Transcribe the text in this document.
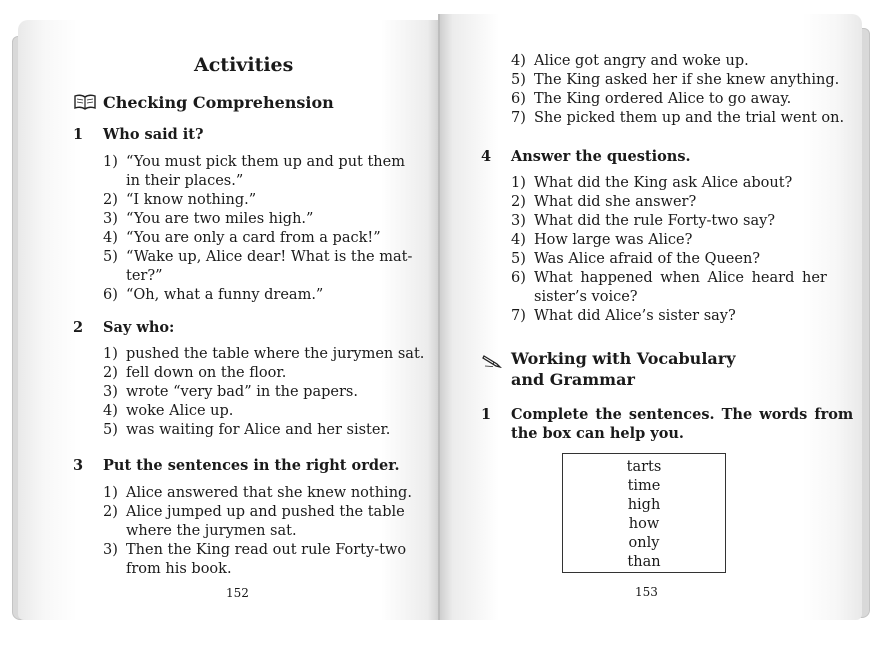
Activities
Checking Comprehension
1 Who said it?
1) “You must pick them up and put them
in their places.”
2) “I know nothing.”
3) “You are two miles high.”
4) “You are only a card from a pack!”
5) “Wake up, Alice dear! What is the mat-
ter?”
6) “Oh, what a funny dream.”
2 Say who:
1) pushed the table where the jurymen sat.
2) fell down on the floor.
3) wrote “very bad” in the papers.
4) woke Alice up.
5) was waiting for Alice and her sister.
3 Put the sentences in the right order.
1) Alice answered that she knew nothing.
2) Alice jumped up and pushed the table
where the jurymen sat.
3) Then the King read out rule Forty-two
from his book.
152
4) Alice got angry and woke up.
5) The King asked her if she knew anything.
6) The King ordered Alice to go away.
7) She picked them up and the trial went on.
4 Answer the questions.
1) What did the King ask Alice about?
2) What did she answer?
3) What did the rule Forty-two say?
4) How large was Alice?
5) Was Alice afraid of the Queen?
6) What happened when Alice heard her
sister’s voice?
7) What did Alice’s sister say?
Working with Vocabulary
and Grammar
1 Complete the sentences. The words from
the box can help you.
tarts
time
high
how
only
than
153
